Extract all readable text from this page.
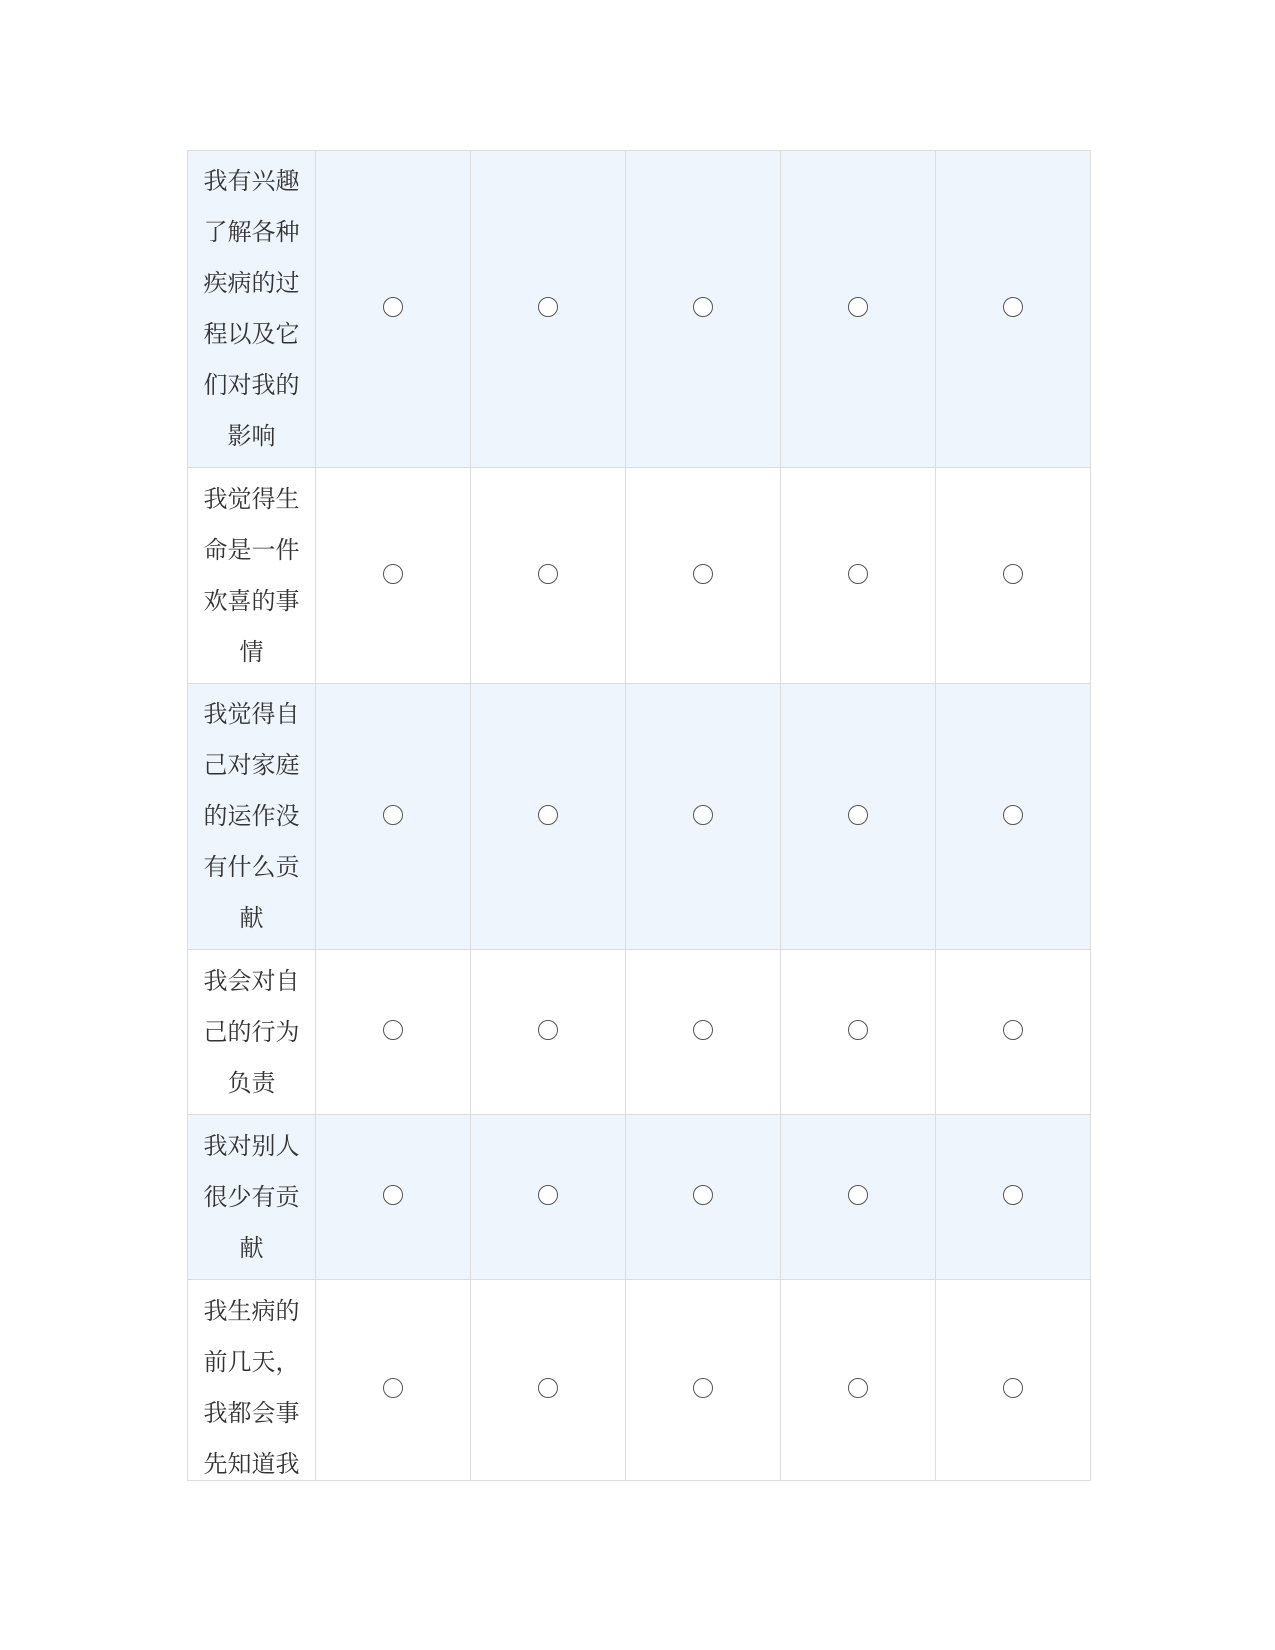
我有兴趣了解各种疾病的过程以及它们对我的影响					

我觉得生命是一件欢喜的事情					

我觉得自己对家庭的运作没有什么贡献					

我会对自己的行为负责					

我对别人很少有贡献					

我生病的前几天，我都会事先知道我					
